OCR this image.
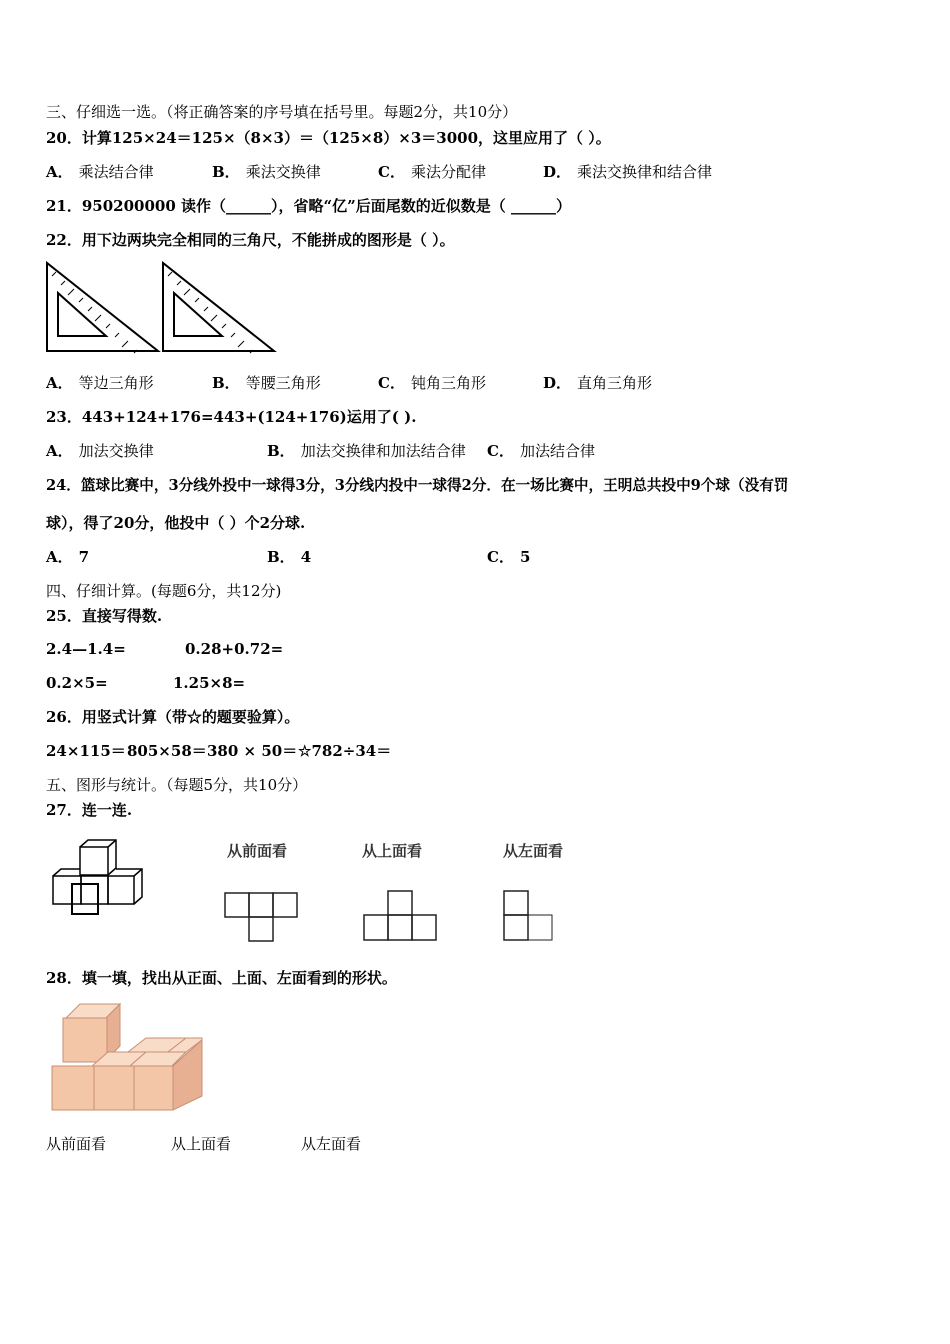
三、仔细选一选。（将正确答案的序号填在括号里。每题2分，共10分）
20．计算125×24＝125×（8×3）＝（125×8）×3＝3000，这里应用了（ ）。
A． 乘法结合律	B． 乘法交换律	C． 乘法分配律	D． 乘法交换律和结合律
21．950200000 读作（______），省略“亿”后面尾数的近似数是（ ______）
22．用下边两块完全相同的三角尺，不能拼成的图形是（ ）。
A． 等边三角形	B． 等腰三角形	C． 钝角三角形	D． 直角三角形
23．443+124+176=443+(124+176)运用了( ).
A． 加法交换律	B． 加法交换律和加法结合律 C． 加法结合律
24．篮球比赛中，3分线外投中一球得3分，3分线内投中一球得2分．在一场比赛中，王明总共投中9个球（没有罚
球），得了20分，他投中（ ）个2分球.
A． 7	B． 4	C． 5
四、仔细计算。(每题6分，共12分)
25．直接写得数.
2.4—1.4=	0.28+0.72=
0.2×5=	1.25×8=
26．用竖式计算（带☆的题要验算）。
24×115＝ 805×58＝ 380 × 50＝ ☆782÷34＝
五、图形与统计。（每题5分，共10分）
27．连一连.
从前面看	从上面看	从左面看
28．填一填，找出从正面、上面、左面看到的形状。
从前面看	从上面看	从左面看
